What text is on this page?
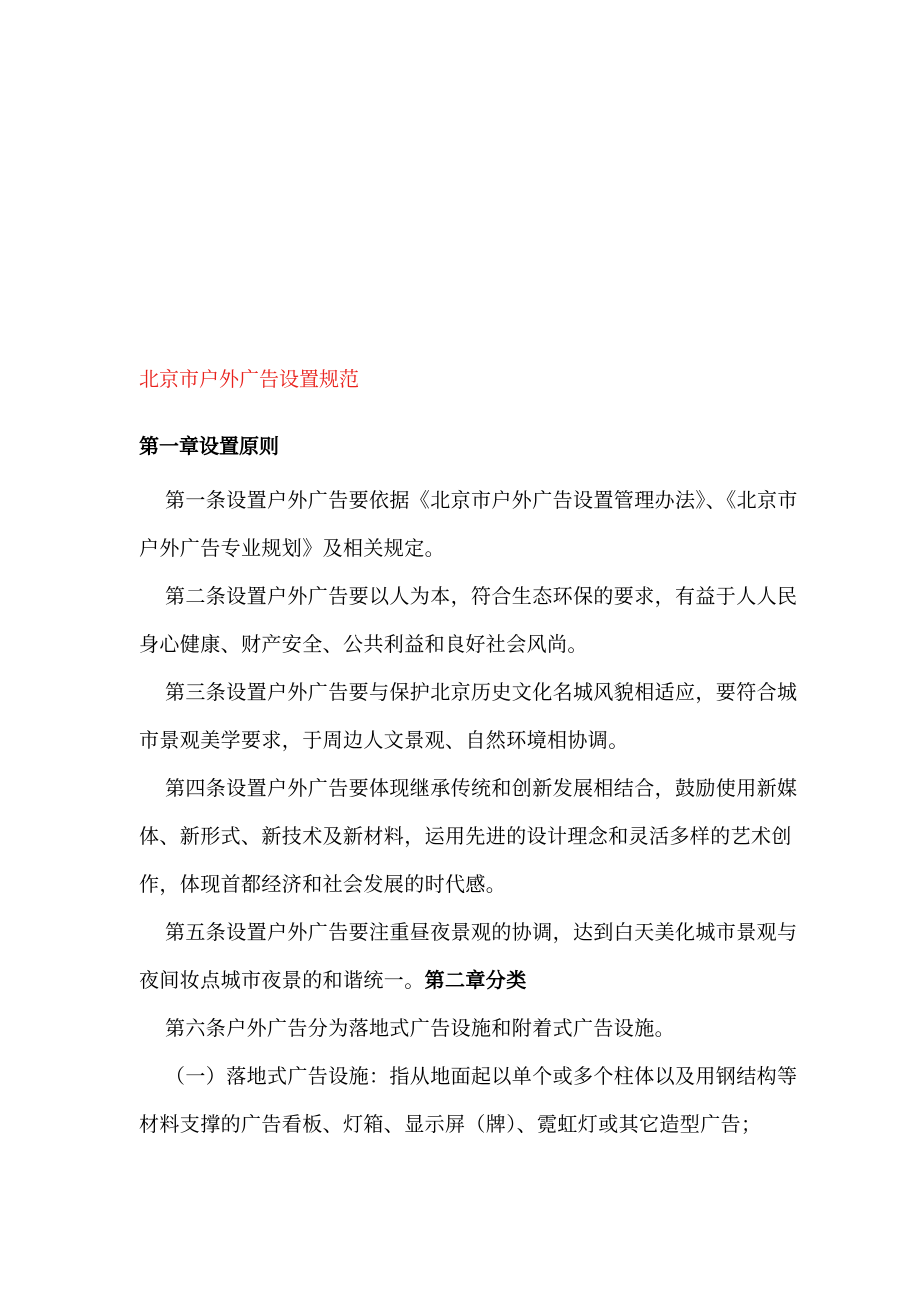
北京市户外广告设置规范
第一章设置原则

第一条设置户外广告要依据《北京市户外广告设置管理办法》、《北京市户外广告专业规划》及相关规定。

第二条设置户外广告要以人为本，符合生态环保的要求，有益于人人民身心健康、财产安全、公共利益和良好社会风尚。

第三条设置户外广告要与保护北京历史文化名城风貌相适应，要符合城市景观美学要求，于周边人文景观、自然环境相协调。

第四条设置户外广告要体现继承传统和创新发展相结合，鼓励使用新媒体、新形式、新技术及新材料，运用先进的设计理念和灵活多样的艺术创作，体现首都经济和社会发展的时代感。

第五条设置户外广告要注重昼夜景观的协调，达到白天美化城市景观与夜间妆点城市夜景的和谐统一。第二章分类

第六条户外广告分为落地式广告设施和附着式广告设施。

（一）落地式广告设施：指从地面起以单个或多个柱体以及用钢结构等材料支撑的广告看板、灯箱、显示屏（牌）、霓虹灯或其它造型广告；
